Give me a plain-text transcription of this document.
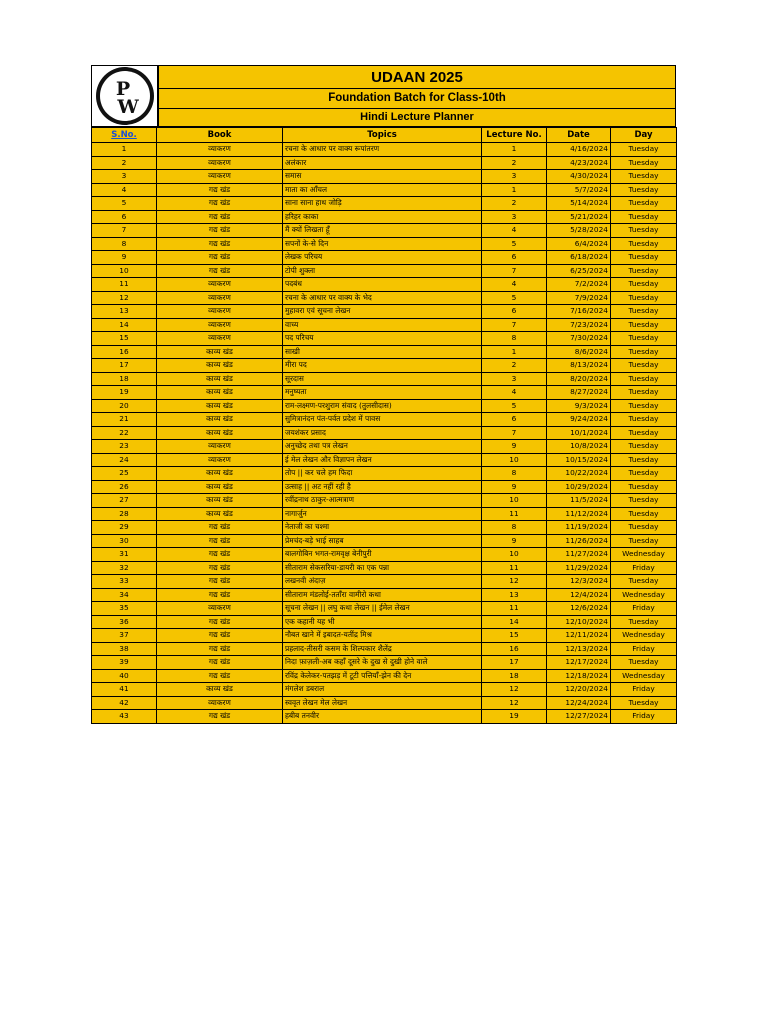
P
W
UDAAN 2025
Foundation Batch for Class-10th
Hindi Lecture Planner
S.No.	Book	Topics	Lecture No.	Date	Day
1	व्याकरण	रचना के आधार पर वाक्य रूपांतरण	1	4/16/2024	Tuesday
2	व्याकरण	अलंकार	2	4/23/2024	Tuesday
3	व्याकरण	समास	3	4/30/2024	Tuesday
4	गद्य खंड	माता का आँचल	1	5/7/2024	Tuesday
5	गद्य खंड	साना साना हाथ जोड़ि	2	5/14/2024	Tuesday
6	गद्य खंड	हरिहर काका	3	5/21/2024	Tuesday
7	गद्य खंड	मैं क्यों लिखता हूँ	4	5/28/2024	Tuesday
8	गद्य खंड	सपनों के-से दिन	5	6/4/2024	Tuesday
9	गद्य खंड	लेखक परिचय	6	6/18/2024	Tuesday
10	गद्य खंड	टोपी शुक्ला	7	6/25/2024	Tuesday
11	व्याकरण	पदबंध	4	7/2/2024	Tuesday
12	व्याकरण	रचना के आधार पर वाक्य के भेद	5	7/9/2024	Tuesday
13	व्याकरण	मुहावरा एवं सूचना लेखन	6	7/16/2024	Tuesday
14	व्याकरण	वाच्य	7	7/23/2024	Tuesday
15	व्याकरण	पद परिचय	8	7/30/2024	Tuesday
16	काव्य खंड	साखी	1	8/6/2024	Tuesday
17	काव्य खंड	मीरा पद	2	8/13/2024	Tuesday
18	काव्य खंड	सूरदास	3	8/20/2024	Tuesday
19	काव्य खंड	मनुष्यता	4	8/27/2024	Tuesday
20	काव्य खंड	राम-लक्ष्मण-परशुराम संवाद (तुलसीदास)	5	9/3/2024	Tuesday
21	काव्य खंड	सुमित्रानंदन पंत-पर्वत प्रदेश में पावस	6	9/24/2024	Tuesday
22	काव्य खंड	जयशंकर प्रसाद	7	10/1/2024	Tuesday
23	व्याकरण	अनुच्छेद तथा पत्र लेखन	9	10/8/2024	Tuesday
24	व्याकरण	ई मेल लेखन और विज्ञापन लेखन	10	10/15/2024	Tuesday
25	काव्य खंड	तोप || कर चले हम फिदा	8	10/22/2024	Tuesday
26	काव्य खंड	उत्साह || अट नहीं रही है	9	10/29/2024	Tuesday
27	काव्य खंड	रवींद्रनाथ ठाकुर-आत्मत्राण	10	11/5/2024	Tuesday
28	काव्य खंड	नागार्जुन	11	11/12/2024	Tuesday
29	गद्य खंड	नेताजी का चश्मा	8	11/19/2024	Tuesday
30	गद्य खंड	प्रेमचंद-बड़े भाई साहब	9	11/26/2024	Tuesday
31	गद्य खंड	बालगोबिन भगत-रामवृक्ष बेनीपुरी	10	11/27/2024	Wednesday
32	गद्य खंड	सीताराम सेकसरिया-डायरी का एक पन्ना	11	11/29/2024	Friday
33	गद्य खंड	लखनवी अंदाज़	12	12/3/2024	Tuesday
34	गद्य खंड	सीताराम मंडलोई-तताँरा वामीरो कथा	13	12/4/2024	Wednesday
35	व्याकरण	सूचना लेखन || लघु कथा लेखन || ईमेल लेखन	11	12/6/2024	Friday
36	गद्य खंड	एक कहानी यह भी	14	12/10/2024	Tuesday
37	गद्य खंड	नौबत खाने में इबादत-यतींद्र मिश्र	15	12/11/2024	Wednesday
38	गद्य खंड	प्रहलाद-तीसरी कसम के शिल्पकार शैलेंद्र	16	12/13/2024	Friday
39	गद्य खंड	निदा फ़ाज़ली-अब कहाँ दूसरे के दुख से दुखी होने वाले	17	12/17/2024	Tuesday
40	गद्य खंड	रविंद्र केलेकर-पतझड़ में टूटी पत्तियाँ-झेन की देन	18	12/18/2024	Wednesday
41	काव्य खंड	मंगलेश डबराल	12	12/20/2024	Friday
42	व्याकरण	स्ववृत लेखन मेल लेखन	12	12/24/2024	Tuesday
43	गद्य खंड	हबीब तनवीर	19	12/27/2024	Friday
